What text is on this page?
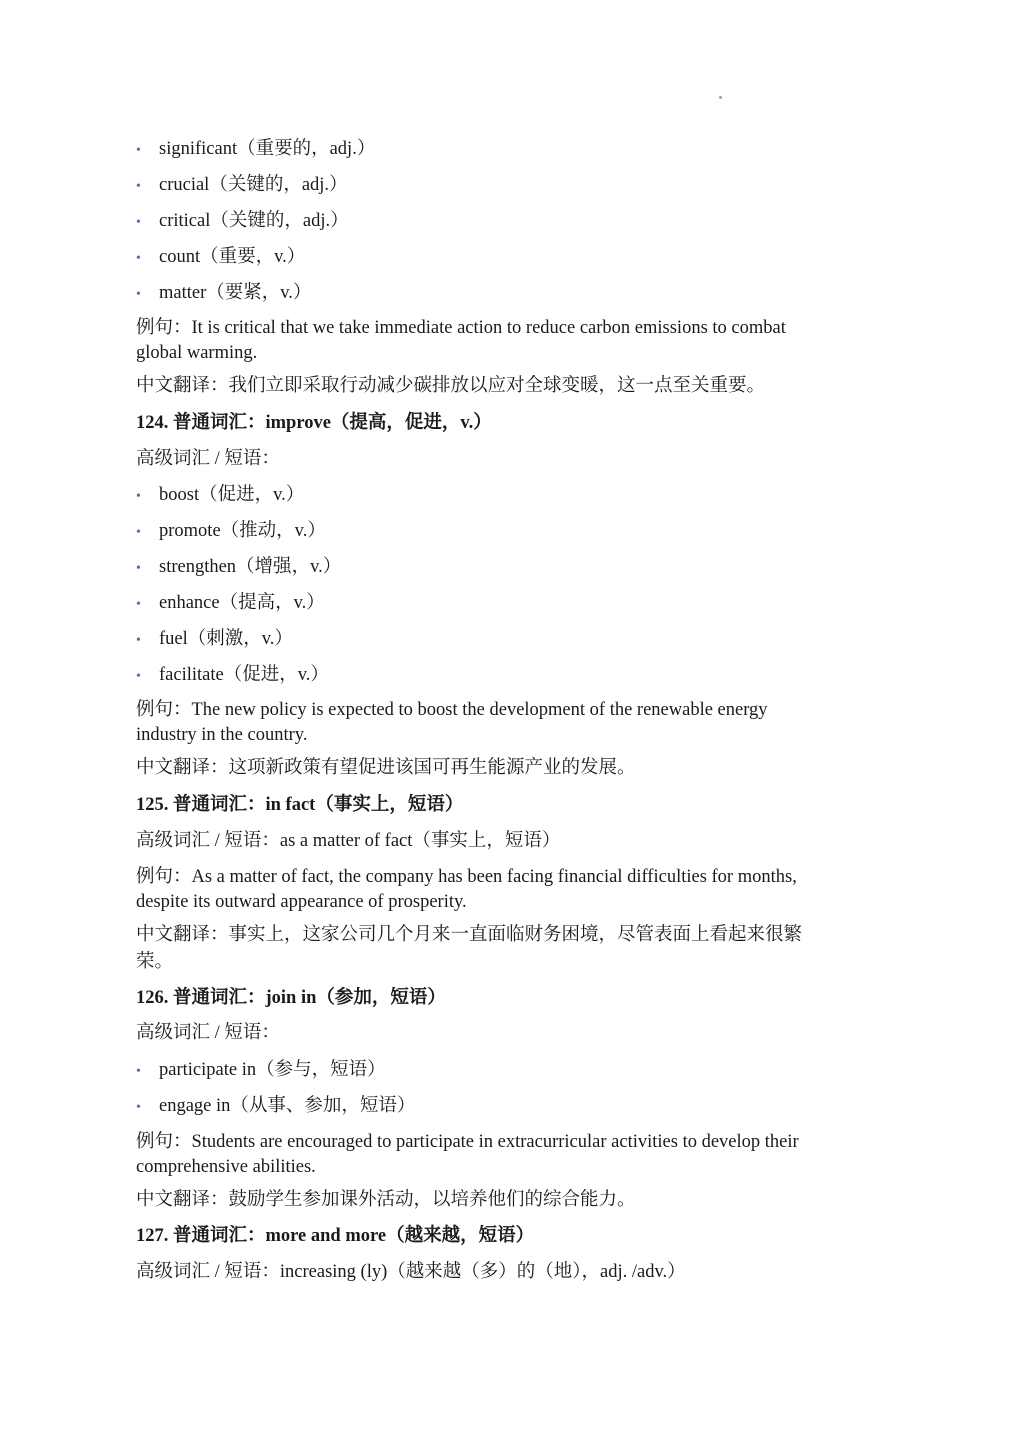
• significant（重要的，adj.）
• crucial（关键的，adj.）
• critical（关键的，adj.）
• count（重要，v.）
• matter（要紧，v.）
例句：It is critical that we take immediate action to reduce carbon emissions to combat
global warming.
中文翻译：我们立即采取行动减少碳排放以应对全球变暖，这一点至关重要。
124. 普通词汇：improve（提高，促进，v.）
高级词汇 / 短语：
• boost（促进，v.）
• promote（推动，v.）
• strengthen（增强，v.）
• enhance（提高，v.）
• fuel（刺激，v.）
• facilitate（促进，v.）
例句：The new policy is expected to boost the development of the renewable energy
industry in the country.
中文翻译：这项新政策有望促进该国可再生能源产业的发展。
125. 普通词汇：in fact（事实上，短语）
高级词汇 / 短语：as a matter of fact（事实上，短语）
例句：As a matter of fact, the company has been facing financial difficulties for months,
despite its outward appearance of prosperity.
中文翻译：事实上，这家公司几个月来一直面临财务困境，尽管表面上看起来很繁
荣。
126. 普通词汇：join in（参加，短语）
高级词汇 / 短语：
• participate in（参与，短语）
• engage in（从事、参加，短语）
例句：Students are encouraged to participate in extracurricular activities to develop their
comprehensive abilities.
中文翻译：鼓励学生参加课外活动，以培养他们的综合能力。
127. 普通词汇：more and more（越来越，短语）
高级词汇 / 短语：increasing (ly)（越来越（多）的（地），adj. /adv.）
